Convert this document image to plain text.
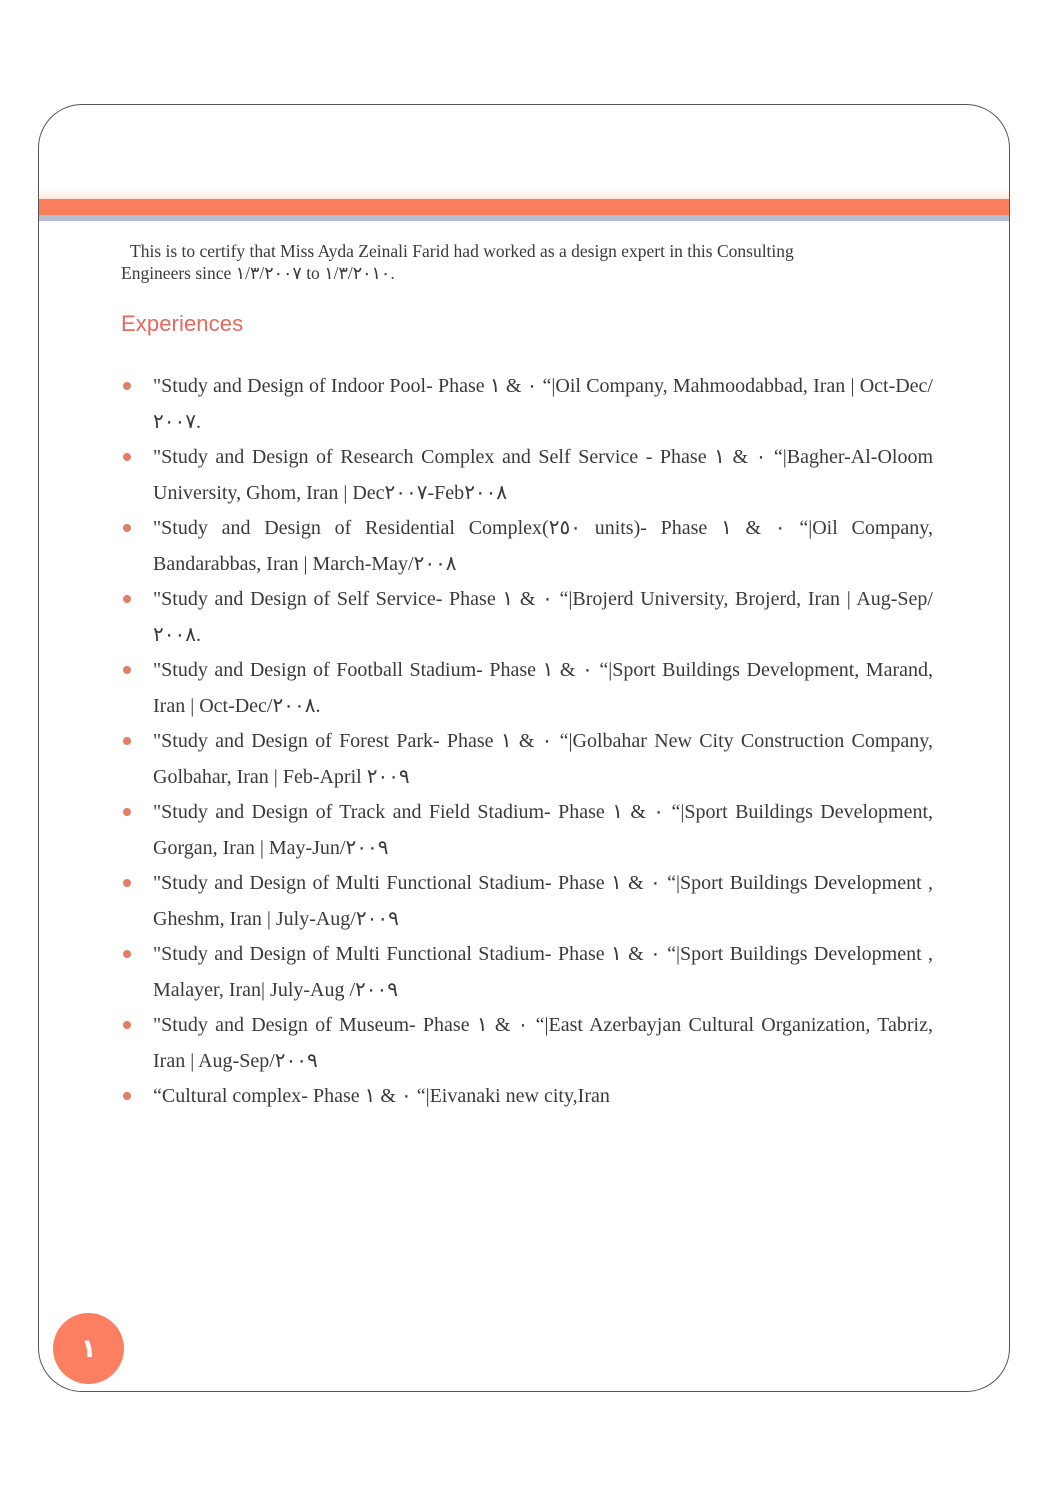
This is to certify that Miss Ayda Zeinali Farid had worked as a design expert in this Consulting
Engineers since ١/٣/٢٠٠٧ to ١/٣/٢٠١٠.
Experiences
"Study and Design of Indoor Pool- Phase ٠ & ١ “|Oil Company, Mahmoodabbad, Iran | Oct-Dec/٢٠٠٧.
"Study and Design of Research Complex and Self Service - Phase ٠ & ١ “|Bagher-Al-Oloom University, Ghom, Iran | Dec٢٠٠٧-Feb٢٠٠٨
"Study and Design of Residential Complex(٢٥٠ units)- Phase ٠ & ١ “|Oil Company, Bandarabbas, Iran | March-May/٢٠٠٨
"Study and Design of Self Service- Phase ٠ & ١ “|Brojerd University, Brojerd, Iran | Aug-Sep/٢٠٠٨.
"Study and Design of Football Stadium- Phase ٠ & ١ “|Sport Buildings Development, Marand, Iran | Oct-Dec/٢٠٠٨.
"Study and Design of Forest Park- Phase ٠ & ١ “|Golbahar New City Construction Company, Golbahar, Iran | Feb-April ٢٠٠٩
"Study and Design of Track and Field Stadium- Phase ٠ & ١ “|Sport Buildings Development, Gorgan, Iran | May-Jun/٢٠٠٩
"Study and Design of Multi Functional Stadium- Phase ٠ & ١ “|Sport Buildings Development , Gheshm, Iran | July-Aug/٢٠٠٩
"Study and Design of Multi Functional Stadium- Phase ٠ & ١ “|Sport Buildings Development , Malayer, Iran| July-Aug /٢٠٠٩
"Study and Design of Museum- Phase ٠ & ١ “|East Azerbayjan Cultural Organization, Tabriz, Iran | Aug-Sep/٢٠٠٩
“Cultural complex- Phase ٠ & ١ “|Eivanaki new city,Iran
١
